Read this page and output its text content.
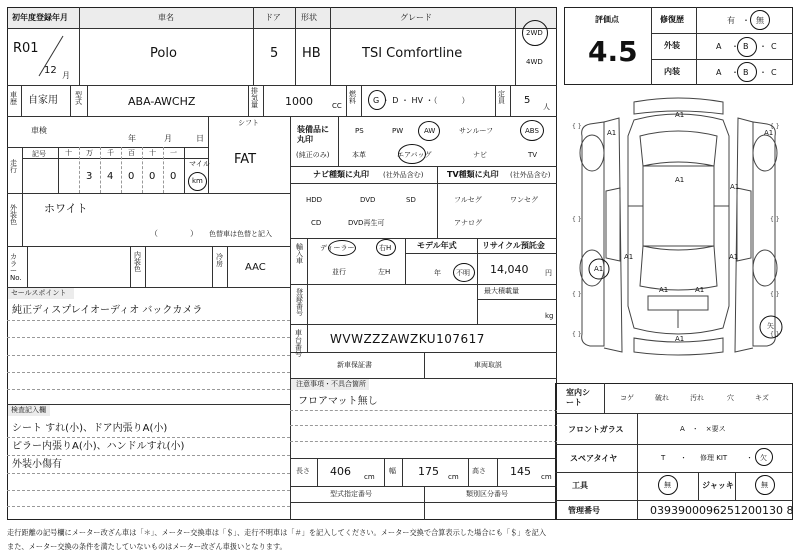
初年度登録年月	車名	ドア	形状	グレード
R01
12 月
Polo	5 HB	TSI Comfortline
2WD
4WD
車歴 自家用 型式	ABA-AWCHZ
排気量 1000	CC
燃料 G ・ D ・ HV ・（　　　）
定員 5
人
車検
年	月	日
シフト
FAT
走行
記号	十 万 千 百 十 一
3 4 0 0 0
マイル
km
外装色
ホワイト
（　　　　） 色替車は色替と記入
カラーNo.
内装色
冷房 AAC
セールスポイント
純正ディスプレイオーディオ バックカメラ
検査記入欄
シート すれ(小)、ドア内張りA(小)
ピラー内張りA(小)、ハンドルすれ(小)
外装小傷有
装備品に丸印
(純正のみ)
PS	PW	AW	サンルーフ	ABS
本革	エアバッグ	ナビ	TV
ナビ種類に丸印 (社外品含む)	TV種類に丸印 (社外品含む)
HDD	DVD	SD
CD	DVD再生可
フルセグ	ワンセグ
アナログ
輸入車
ディーラー	右H
並行	左H
モデル年式
年 不明
リサイクル預託金
14,040 円
登録番号
最大積載量
kg
車台番号
WVWZZZAWZKU107617
新車保証書	車両取説
注意事項・不具合箇所
フロアマット無し
長さ 406 cm
幅 175 cm
高さ 145 cm
型式指定番号	類別区分番号
走行距離の記号欄にメーター改ざん車は「＊」、メーター交換車は「＄」、走行不明車は「＃」を記入してください。メーター交換で合算表示した場合にも「＄」を記入
また、メーター交換の条件を満たしていないものはメーター改ざん車扱いとなります。
評価点
4.5
修復歴	有 ・ 無
外装	A ・ B ・ C
内装	A ・ B ・ C
{ }	{ }
{ }	{ }
{ }	{ }
{ }	{ }
A1
A1	A1
A1
A1
A1	A1
A1
A1	A1
A1
矢
室内シート
コゲ	破れ	汚れ	穴	キズ
フロントガラス	A　・　×要ス
スペアタイヤ	T ・ 修理 KIT	・ 欠
工具	無	ジャッキ	無
管理番号	0393900096251200130 8
